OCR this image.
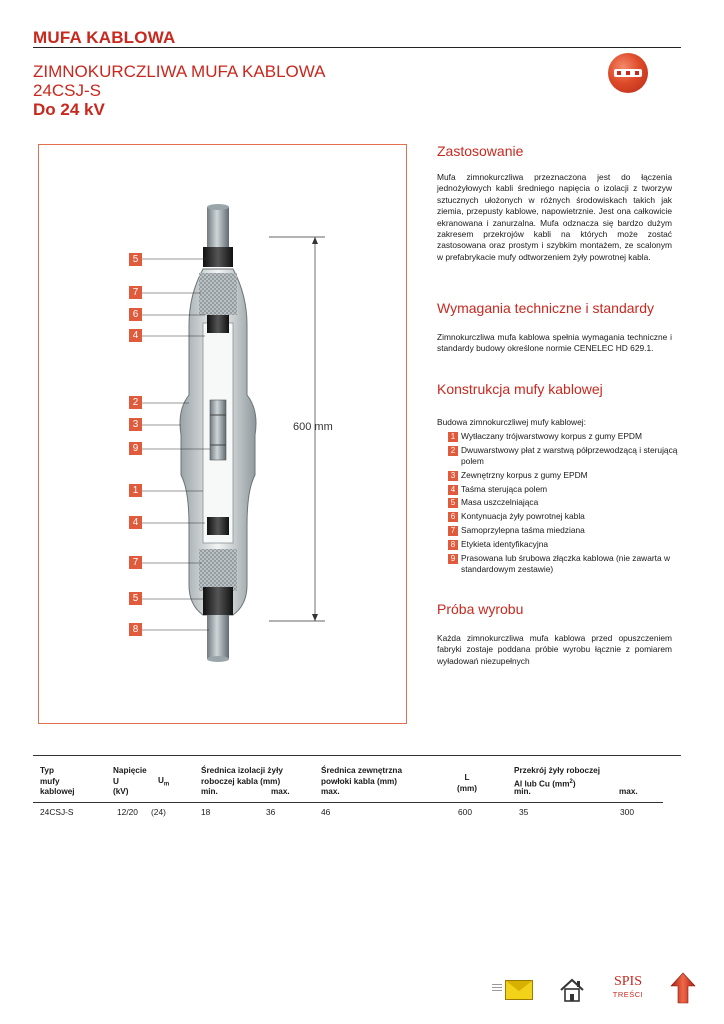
MUFA KABLOWA
ZIMNOKURCZLIWA MUFA KABLOWA
24CSJ-S
Do 24 kV
5
7
6
4
2
3
9
1
4
7
5
8
600 mm
Zastosowanie
Mufa zimnokurczliwa przeznaczona jest do łączenia jednożyłowych kabli średniego napięcia o izolacji z tworzyw sztucznych ułożonych w różnych środowiskach takich jak ziemia, przepusty kablowe, napowietrznie. Jest ona całkowicie ekranowana i zanurzalna. Mufa odznacza się bardzo dużym zakresem przekrojów kabli na których może zostać zastosowana oraz prostym i szybkim montażem, ze scalonym w prefabrykacie mufy odtworzeniem żyły powrotnej kabla.
Wymagania techniczne i standardy
Zimnokurczliwa mufa kablowa spełnia wymagania techniczne i standardy budowy określone normie CENELEC HD 629.1.
Konstrukcja mufy kablowej
Budowa zimnokurczliwej mufy kablowej:
1 Wytłaczany trójwarstwowy korpus z gumy EPDM
2 Dwuwarstwowy płat z warstwą półprzewodzącą i sterującą polem
3 Zewnętrzny korpus z gumy EPDM
4 Taśma sterująca polem
5 Masa uszczelniająca
6 Kontynuacja żyły powrotnej kabla
7 Samoprzylepna taśma miedziana
8 Etykieta identyfikacyjna
9 Prasowana lub śrubowa złączka kablowa (nie zawarta w standardowym zestawie)
Próba wyrobu
Każda zimnokurczliwa mufa kablowa przed opuszczeniem fabryki zostaje poddana próbie wyrobu łącznie z pomiarem wyładowań niezupełnych
Typ
mufy
kablowej
Napięcie
U
(kV)
$U_m$
Średnica izolacji żyły
roboczej kabla (mm)
min.	max.
Średnica zewnętrzna
powłoki kabla (mm)
max.
L
(mm)
Przekrój żyły roboczej
Al lub Cu $(mm^2)$
min.	max.
24CSJ-S	12/20 (24)	18	36	46	600	35	300
SPIS
TREŚCI
